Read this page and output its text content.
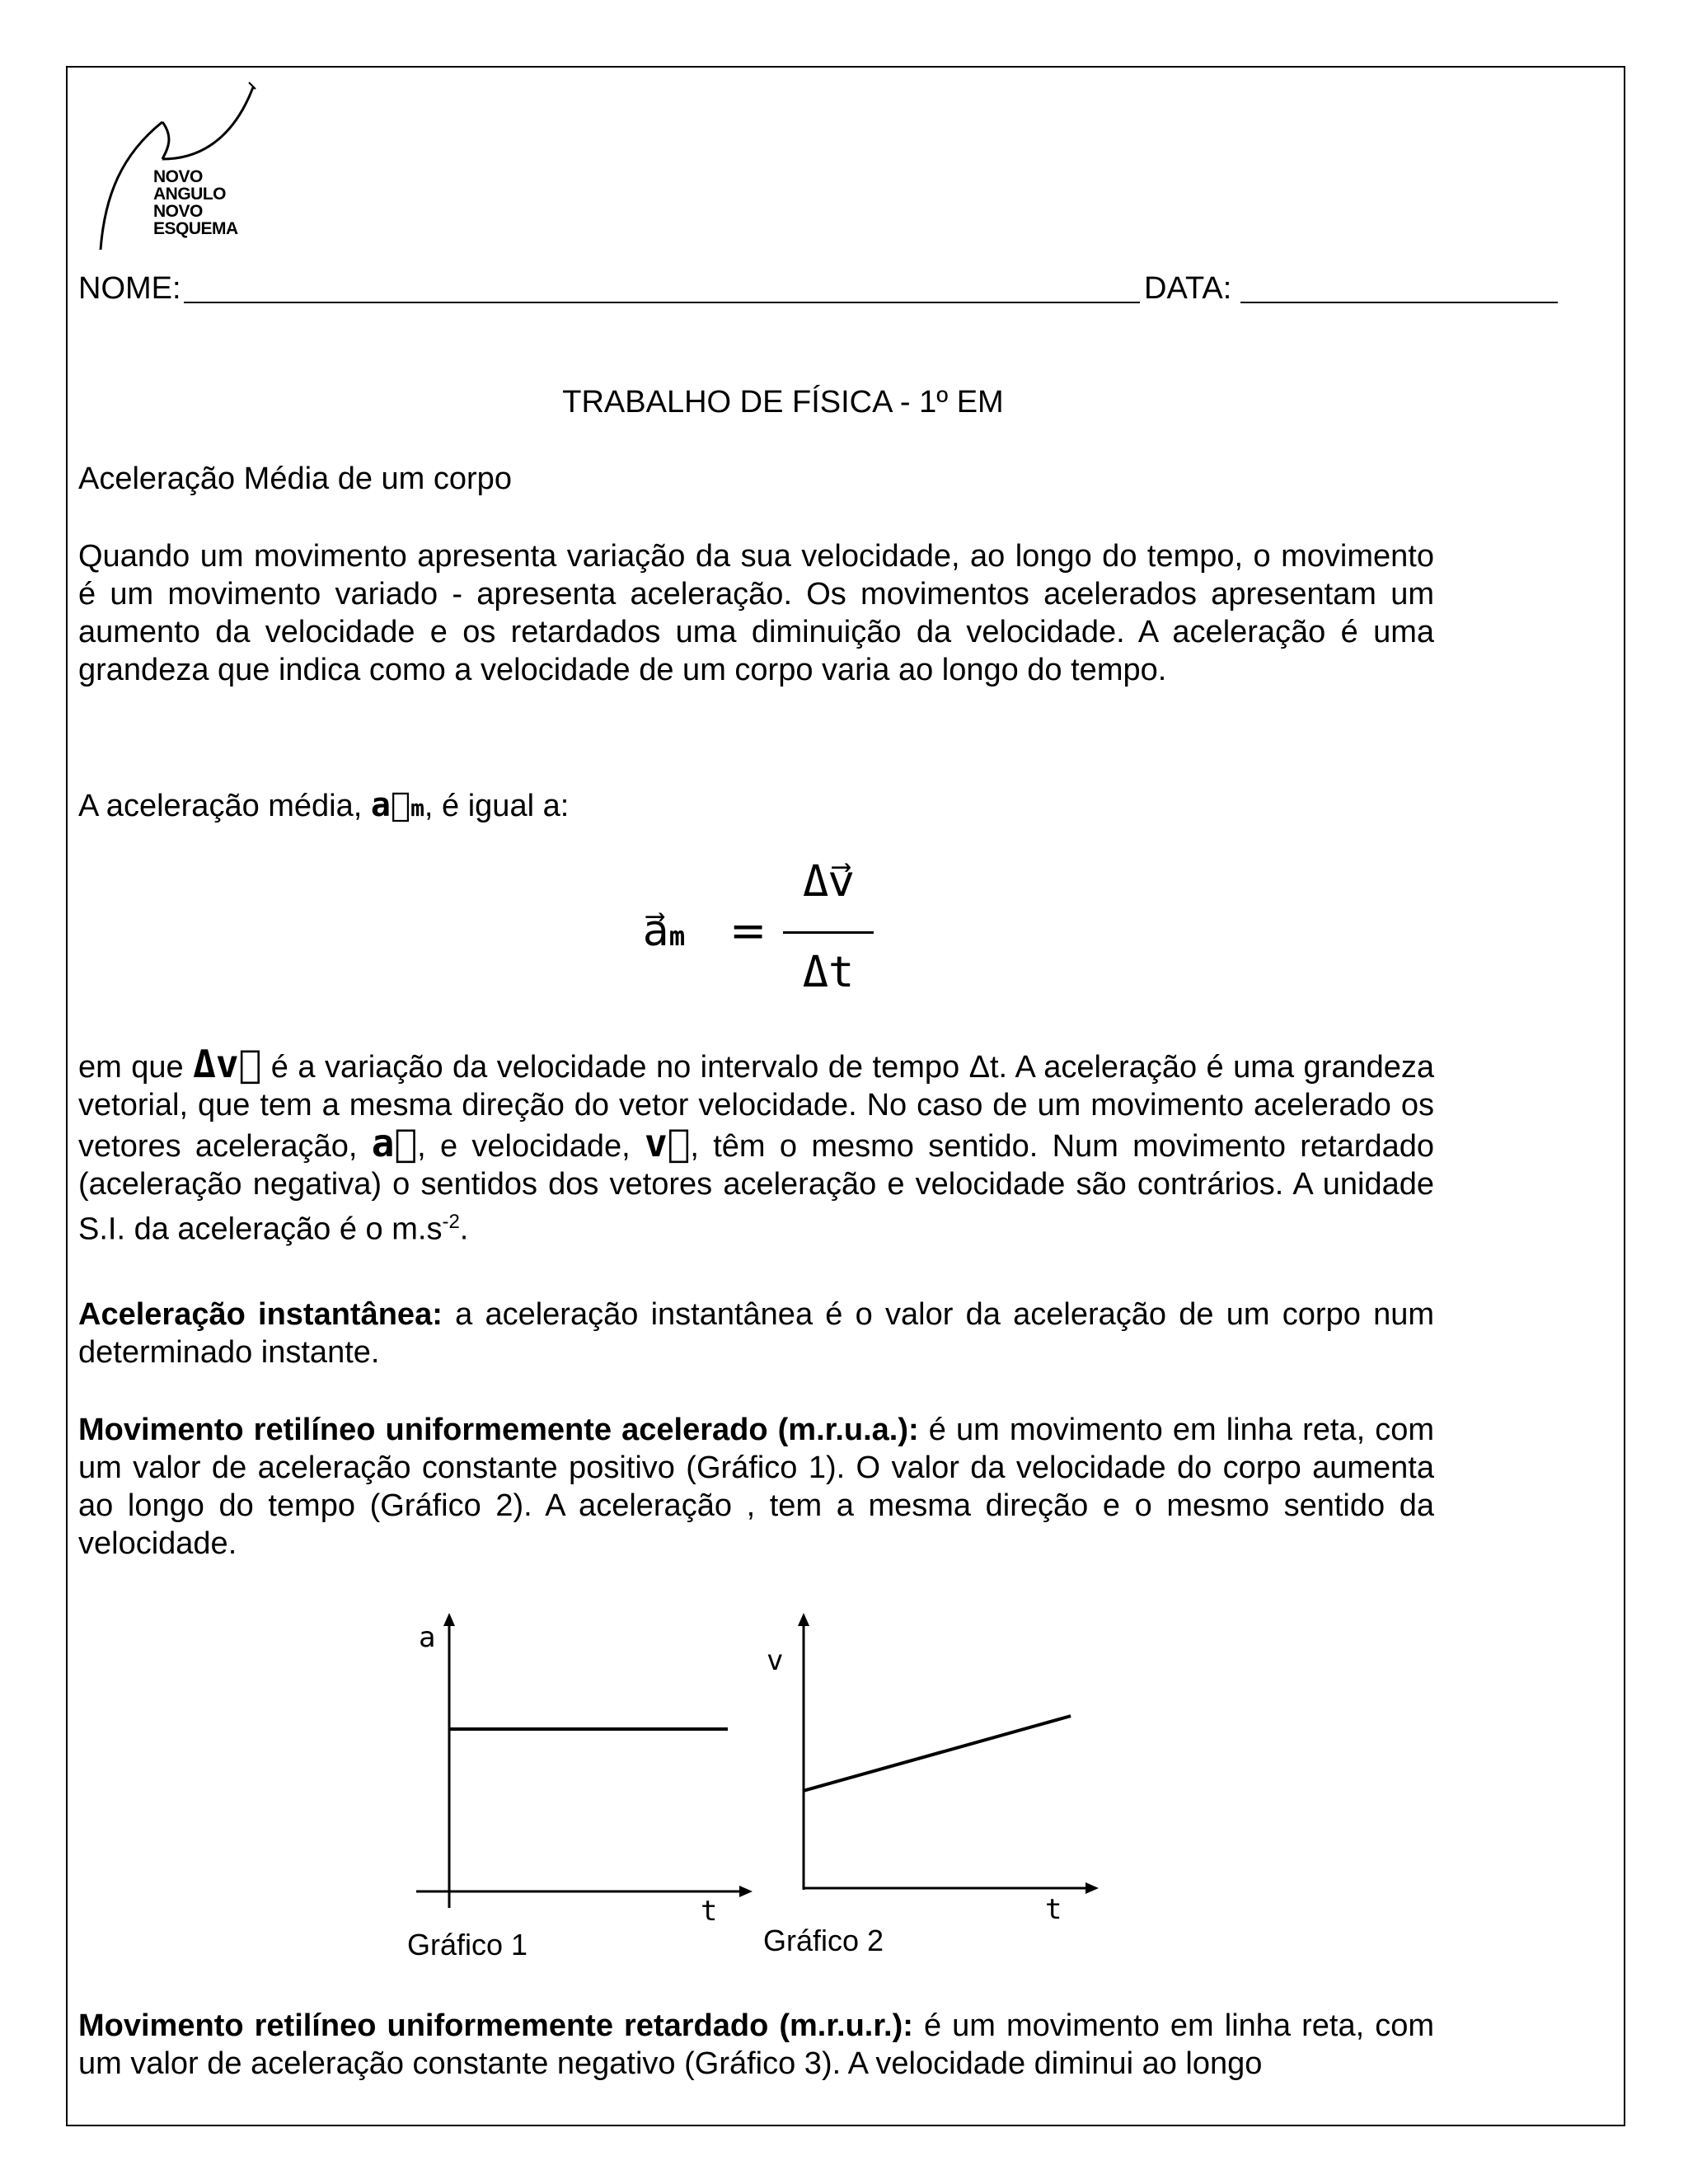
NOVO
ANGULO
NOVO
ESQUEMA
NOME:	DATA:
TRABALHO DE FÍSICA - 1º EM
Aceleração Média de um corpo
Quando um movimento apresenta variação da sua velocidade, ao longo do tempo, o movimento é um movimento variado - apresenta aceleração. Os movimentos acelerados apresentam um aumento da velocidade e os retardados uma diminuição da velocidade. A aceleração é uma grandeza que indica como a velocidade de um corpo varia ao longo do tempo.
A aceleração média, a⃗m, é igual a:
a⃗m =
Δv⃗
Δt
em que Δv⃗ é a variação da velocidade no intervalo de tempo Δt. A aceleração é uma grandeza vetorial, que tem a mesma direção do vetor velocidade. No caso de um movimento acelerado os vetores aceleração, a⃗, e velocidade, v⃗, têm o mesmo sentido. Num movimento retardado (aceleração negativa) o sentidos dos vetores aceleração e velocidade são contrários. A unidade S.I. da aceleração é o $m.s^{-2}$.
Aceleração instantânea: a aceleração instantânea é o valor da aceleração de um corpo num determinado instante.
Movimento retilíneo uniformemente acelerado (m.r.u.a.): é um movimento em linha reta, com um valor de aceleração constante positivo (Gráfico 1). O valor da velocidade do corpo aumenta ao longo do tempo (Gráfico 2). A aceleração , tem a mesma direção e o mesmo sentido da velocidade.
a
t
Gráfico 1
v
t
Gráfico 2
Movimento retilíneo uniformemente retardado (m.r.u.r.): é um movimento em linha reta, com um valor de aceleração constante negativo (Gráfico 3). A velocidade diminui ao longo
